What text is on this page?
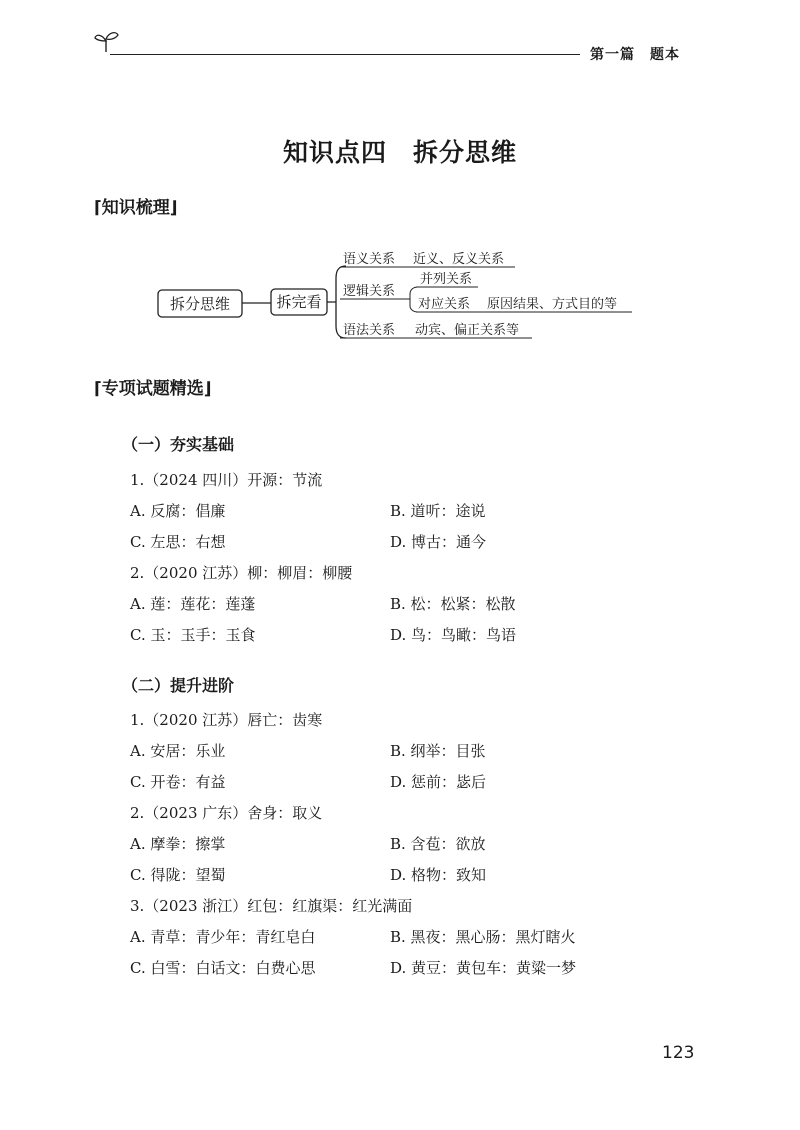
第一篇　题本
知识点四　拆分思维
⌈知识梳理⌋
拆分思维	拆完看
语义关系 近义、反义关系
逻辑关系
并列关系
对应关系 原因结果、方式目的等
语法关系 动宾、偏正关系等
⌈专项试题精选⌋
（一）夯实基础
1.（2024 四川）开源：节流
A. 反腐：倡廉	B. 道听：途说
C. 左思：右想	D. 博古：通今
2.（2020 江苏）柳：柳眉：柳腰
A. 莲：莲花：莲蓬	B. 松：松紧：松散
C. 玉：玉手：玉食	D. 鸟：鸟瞰：鸟语
（二）提升进阶
1.（2020 江苏）唇亡：齿寒
A. 安居：乐业	B. 纲举：目张
C. 开卷：有益	D. 惩前：毖后
2.（2023 广东）舍身：取义
A. 摩拳：擦掌	B. 含苞：欲放
C. 得陇：望蜀	D. 格物：致知
3.（2023 浙江）红包：红旗渠：红光满面
A. 青草：青少年：青红皂白	B. 黑夜：黑心肠：黑灯瞎火
C. 白雪：白话文：白费心思	D. 黄豆：黄包车：黄粱一梦
123
